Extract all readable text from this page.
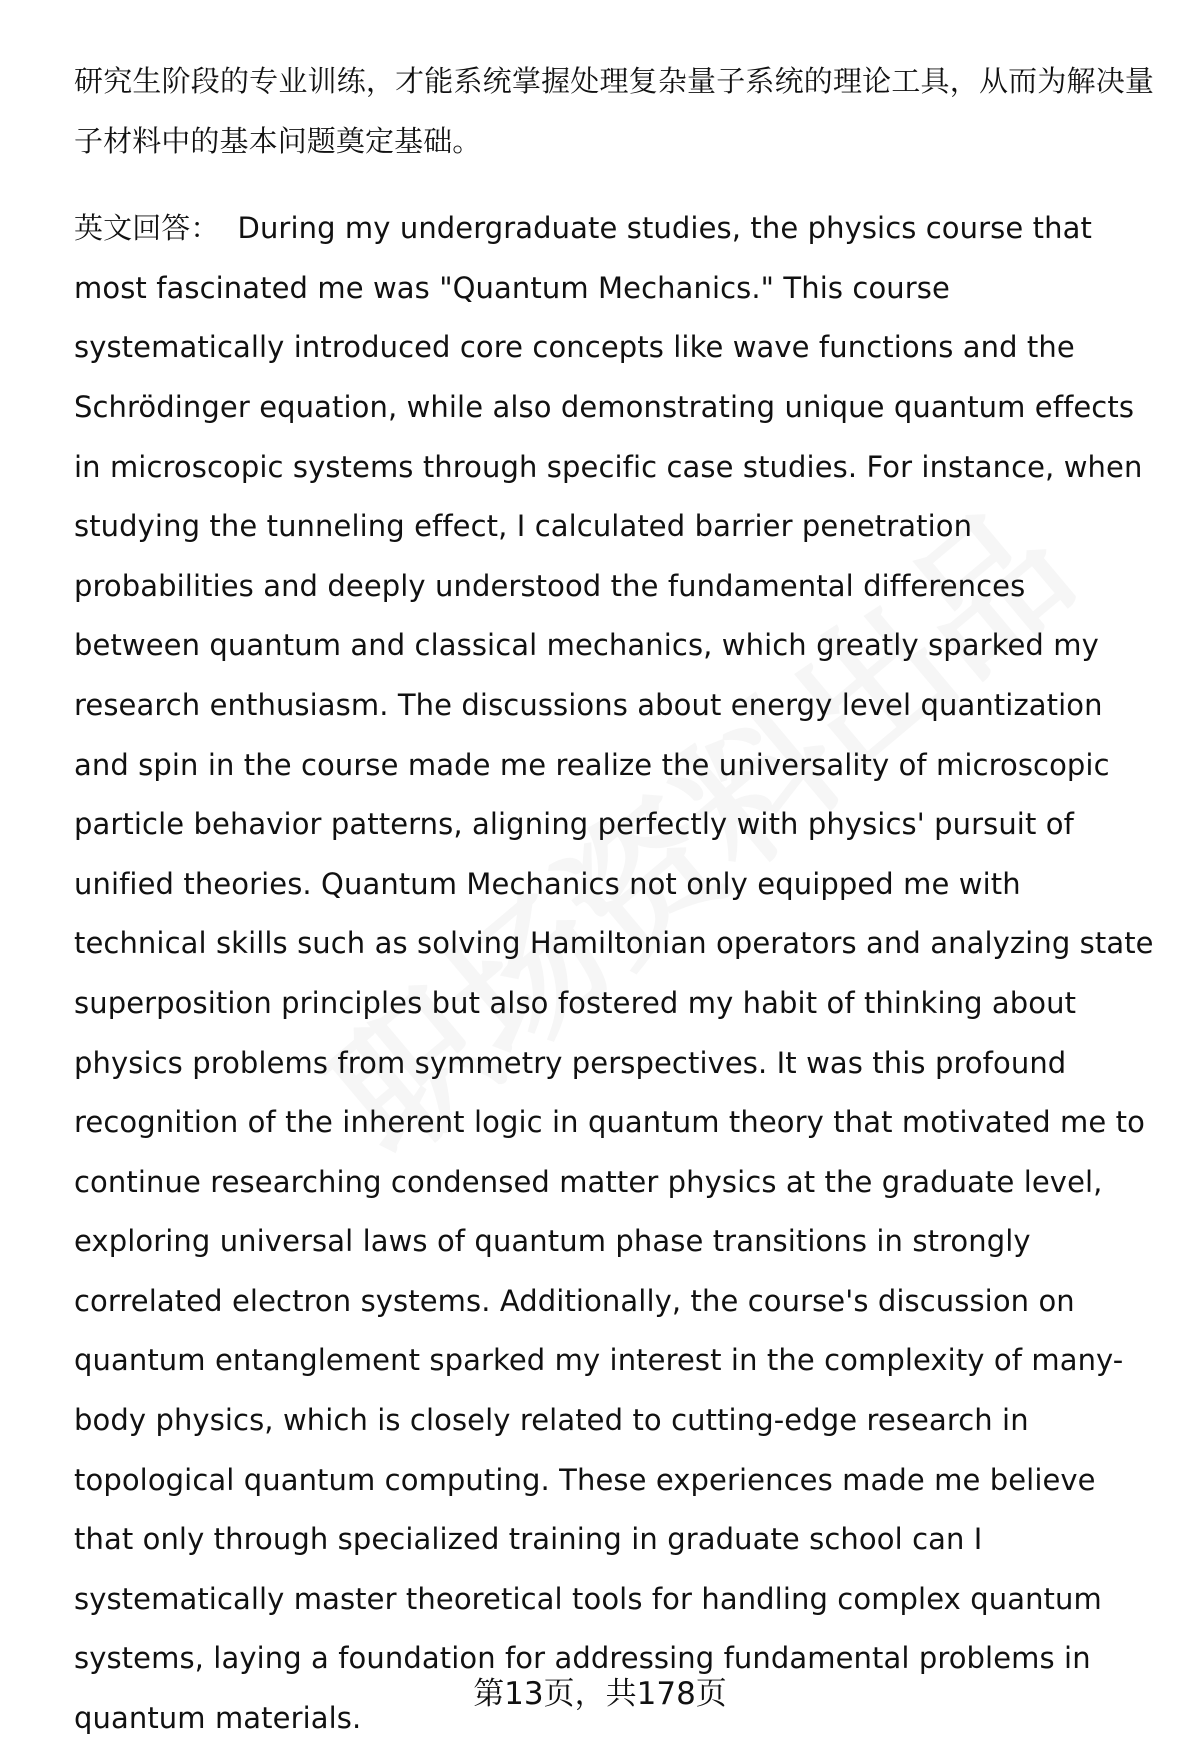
研究生阶段的专业训练，才能系统掌握处理复杂量子系统的理论工具，从而为解决量子材料中的基本问题奠定基础。

英文回答： During my undergraduate studies, the physics course that most fascinated me was "Quantum Mechanics." This course systematically introduced core concepts like wave functions and the Schrödinger equation, while also demonstrating unique quantum effects in microscopic systems through specific case studies. For instance, when studying the tunneling effect, I calculated barrier penetration probabilities and deeply understood the fundamental differences between quantum and classical mechanics, which greatly sparked my research enthusiasm. The discussions about energy level quantization and spin in the course made me realize the universality of microscopic particle behavior patterns, aligning perfectly with physics' pursuit of unified theories. Quantum Mechanics not only equipped me with technical skills such as solving Hamiltonian operators and analyzing state superposition principles but also fostered my habit of thinking about physics problems from symmetry perspectives. It was this profound recognition of the inherent logic in quantum theory that motivated me to continue researching condensed matter physics at the graduate level, exploring universal laws of quantum phase transitions in strongly correlated electron systems. Additionally, the course's discussion on quantum entanglement sparked my interest in the complexity of many-body physics, which is closely related to cutting-edge research in topological quantum computing. These experiences made me believe that only through specialized training in graduate school can I systematically master theoretical tools for handling complex quantum systems, laying a foundation for addressing fundamental problems in quantum materials.

第13页，共178页
